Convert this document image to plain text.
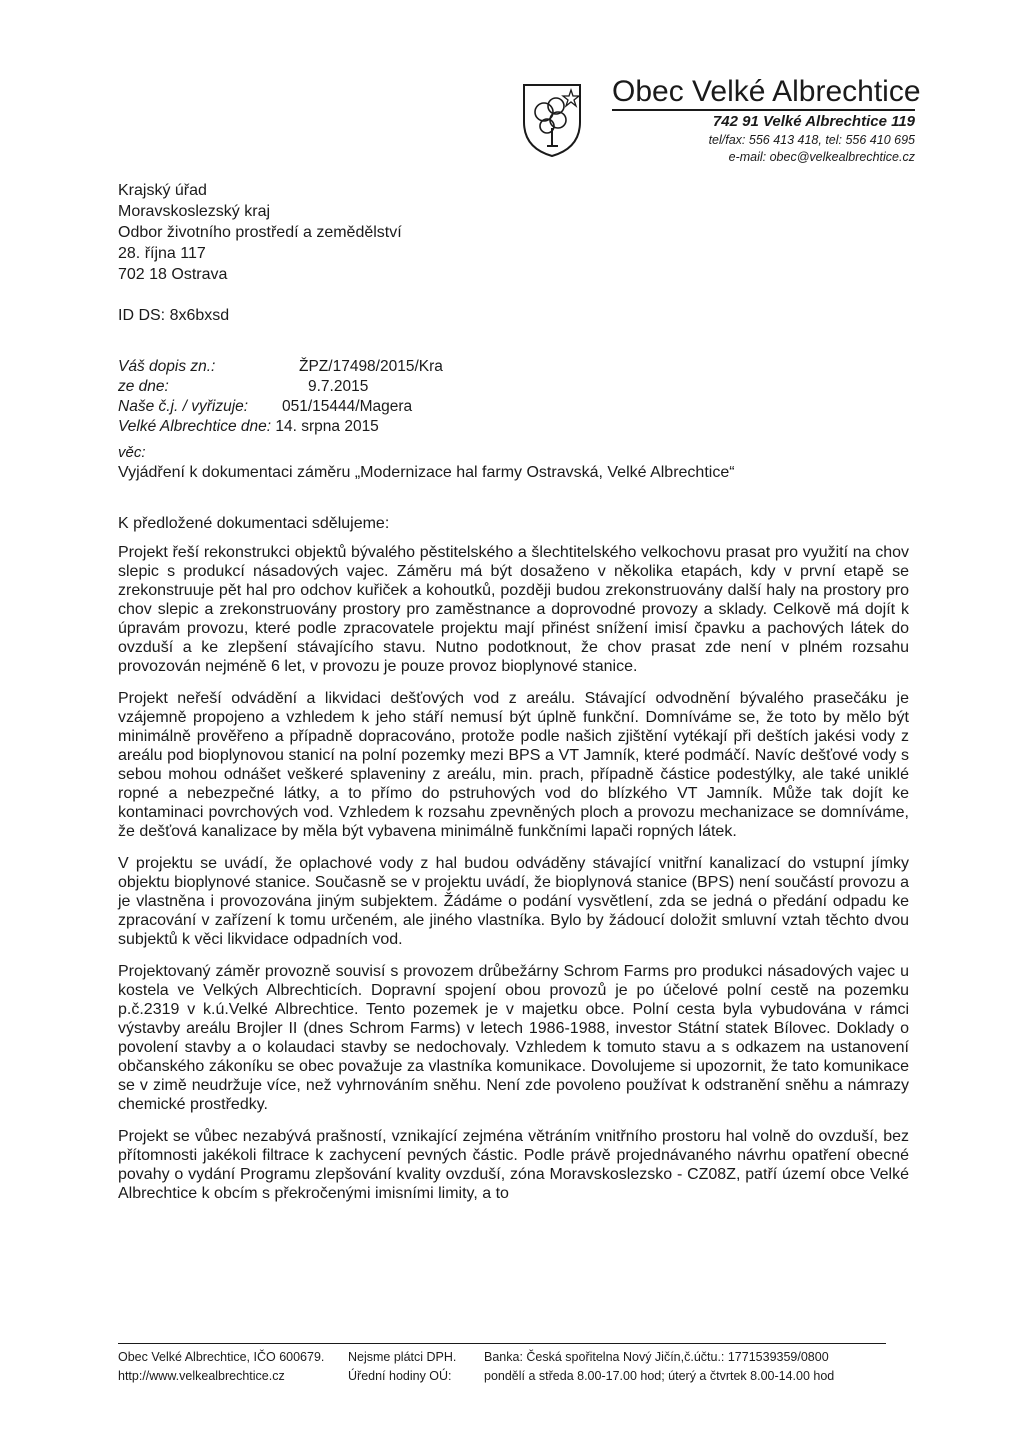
Obec Velké Albrechtice
742 91 Velké Albrechtice 119
tel/fax: 556 413 418, tel: 556 410 695
e-mail: obec@velkealbrechtice.cz
Krajský úřad
Moravskoslezský kraj
Odbor životního prostředí a zemědělství
28. října 117
702 18 Ostrava
ID DS: 8x6bxsd
Váš dopis zn.:	ŽPZ/17498/2015/Kra
ze dne:	9.7.2015
Naše č.j. / vyřizuje: 051/15444/Magera
Velké Albrechtice dne: 14. srpna 2015
věc:
Vyjádření k dokumentaci záměru „Modernizace hal farmy Ostravská, Velké Albrechtice“
K předložené dokumentaci sdělujeme:

Projekt řeší rekonstrukci objektů bývalého pěstitelského a šlechtitelského velkochovu prasat pro využití na chov slepic s produkcí násadových vajec. Záměru má být dosaženo v několika etapách, kdy v první etapě se zrekonstruuje pět hal pro odchov kuřiček a kohoutků, později budou zrekonstruovány další haly na prostory pro chov slepic a zrekonstruovány prostory pro zaměstnance a doprovodné provozy a sklady. Celkově má dojít k úpravám provozu, které podle zpracovatele projektu mají přinést snížení imisí čpavku a pachových látek do ovzduší a ke zlepšení stávajícího stavu. Nutno podotknout, že chov prasat zde není v plném rozsahu provozován nejméně 6 let, v provozu je pouze provoz bioplynové stanice.

Projekt neřeší odvádění a likvidaci dešťových vod z areálu. Stávající odvodnění bývalého prasečáku je vzájemně propojeno a vzhledem k jeho stáří nemusí být úplně funkční. Domníváme se, že toto by mělo být minimálně prověřeno a případně dopracováno, protože podle našich zjištění vytékají při deštích jakési vody z areálu pod bioplynovou stanicí na polní pozemky mezi BPS a VT Jamník, které podmáčí. Navíc dešťové vody s sebou mohou odnášet veškeré splaveniny z areálu, min. prach, případně částice podestýlky, ale také uniklé ropné a nebezpečné látky, a to přímo do pstruhových vod do blízkého VT Jamník. Může tak dojít ke kontaminaci povrchových vod. Vzhledem k rozsahu zpevněných ploch a provozu mechanizace se domníváme, že dešťová kanalizace by měla být vybavena minimálně funkčními lapači ropných látek.

V projektu se uvádí, že oplachové vody z hal budou odváděny stávající vnitřní kanalizací do vstupní jímky objektu bioplynové stanice. Současně se v projektu uvádí, že bioplynová stanice (BPS) není součástí provozu a je vlastněna i provozována jiným subjektem. Žádáme o podání vysvětlení, zda se jedná o předání odpadu ke zpracování v zařízení k tomu určeném, ale jiného vlastníka. Bylo by žádoucí doložit smluvní vztah těchto dvou subjektů k věci likvidace odpadních vod.

Projektovaný záměr provozně souvisí s provozem drůbežárny Schrom Farms pro produkci násadových vajec u kostela ve Velkých Albrechticích. Dopravní spojení obou provozů je po účelové polní cestě na pozemku p.č.2319 v k.ú.Velké Albrechtice. Tento pozemek je v majetku obce. Polní cesta byla vybudována v rámci výstavby areálu Brojler II (dnes Schrom Farms) v letech 1986-1988, investor Státní statek Bílovec. Doklady o povolení stavby a o kolaudaci stavby se nedochovaly. Vzhledem k tomuto stavu a s odkazem na ustanovení občanského zákoníku se obec považuje za vlastníka komunikace. Dovolujeme si upozornit, že tato komunikace se v zimě neudržuje více, než vyhrnováním sněhu. Není zde povoleno používat k odstranění sněhu a námrazy chemické prostředky.

Projekt se vůbec nezabývá prašností, vznikající zejména větráním vnitřního prostoru hal volně do ovzduší, bez přítomnosti jakékoli filtrace k zachycení pevných částic. Podle právě projednávaného návrhu opatření obecné povahy o vydání Programu zlepšování kvality ovzduší, zóna Moravskoslezsko - CZ08Z, patří území obce Velké Albrechtice k obcím s překročenými imisními limity, a to

Obec Velké Albrechtice, IČO 600679.
http://www.velkealbrechtice.cz
Nejsme plátci DPH.
Úřední hodiny OÚ:
Banka: Česká spořitelna Nový Jičín,č.účtu.: 1771539359/0800
pondělí a středa 8.00-17.00 hod; úterý a čtvrtek 8.00-14.00 hod
